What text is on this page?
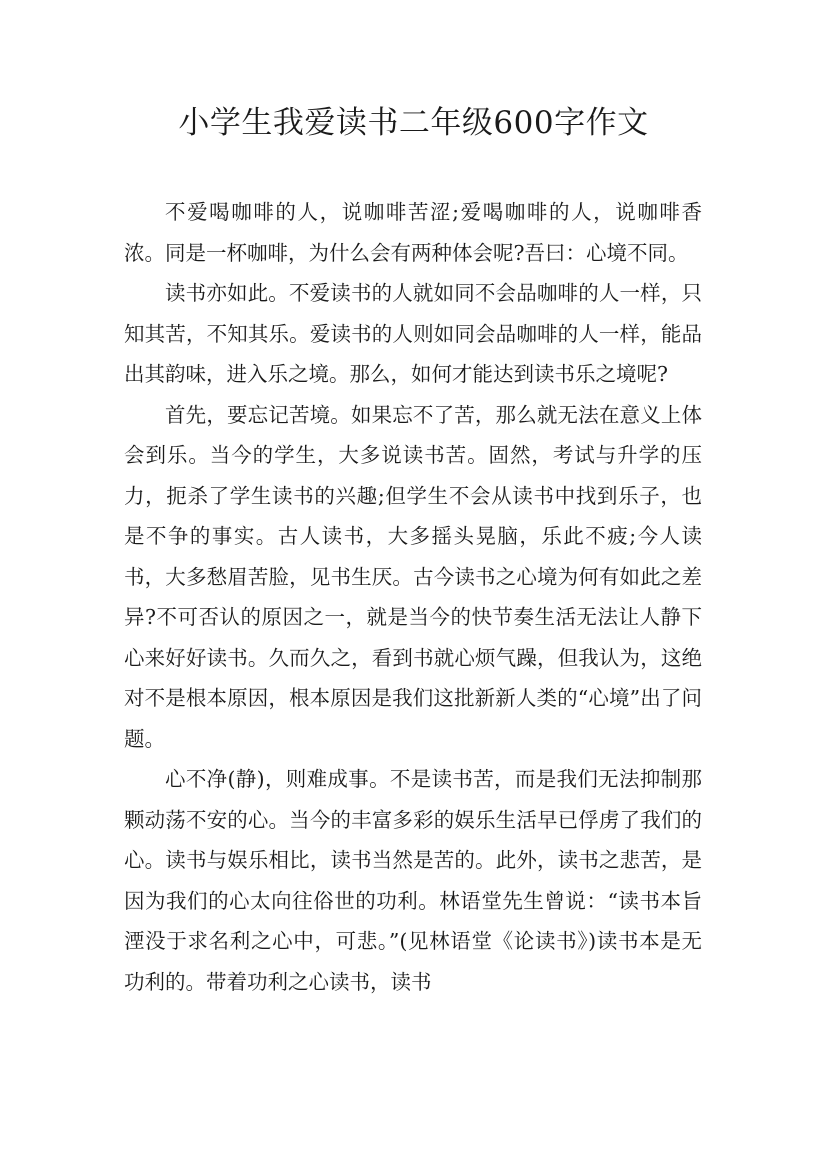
小学生我爱读书二年级600字作文

不爱喝咖啡的人，说咖啡苦涩;爱喝咖啡的人，说咖啡香浓。同是一杯咖啡，为什么会有两种体会呢?吾曰：心境不同。

读书亦如此。不爱读书的人就如同不会品咖啡的人一样，只知其苦，不知其乐。爱读书的人则如同会品咖啡的人一样，能品出其韵味，进入乐之境。那么，如何才能达到读书乐之境呢?

首先，要忘记苦境。如果忘不了苦，那么就无法在意义上体会到乐。当今的学生，大多说读书苦。固然，考试与升学的压力，扼杀了学生读书的兴趣;但学生不会从读书中找到乐子，也是不争的事实。古人读书，大多摇头晃脑，乐此不疲;今人读书，大多愁眉苦脸，见书生厌。古今读书之心境为何有如此之差异?不可否认的原因之一，就是当今的快节奏生活无法让人静下心来好好读书。久而久之，看到书就心烦气躁，但我认为，这绝对不是根本原因，根本原因是我们这批新新人类的“心境”出了问题。

心不净(静)，则难成事。不是读书苦，而是我们无法抑制那颗动荡不安的心。当今的丰富多彩的娱乐生活早已俘虏了我们的心。读书与娱乐相比，读书当然是苦的。此外，读书之悲苦，是因为我们的心太向往俗世的功利。林语堂先生曾说：“读书本旨湮没于求名利之心中，可悲。”(见林语堂《论读书》)读书本是无功利的。带着功利之心读书，读书
